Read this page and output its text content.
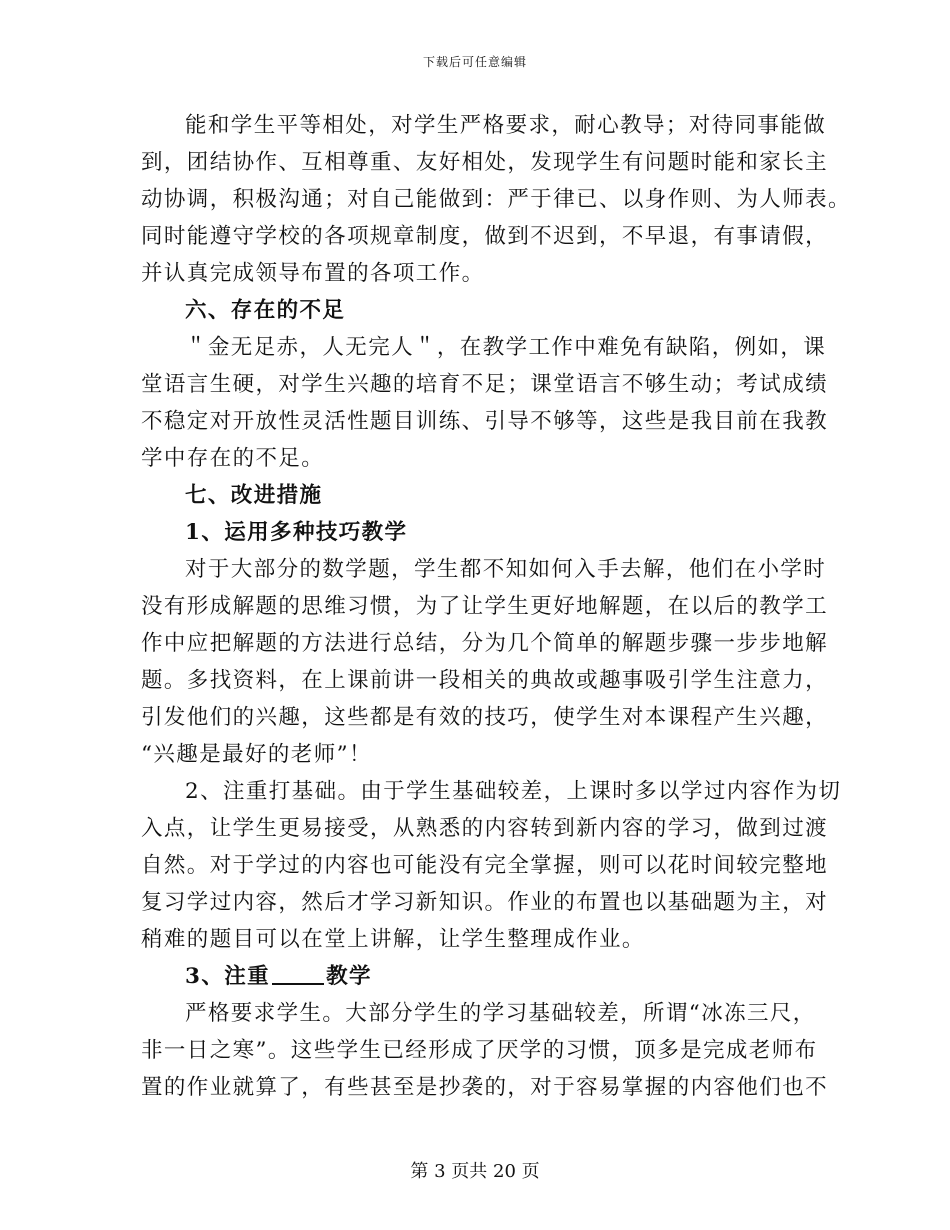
下载后可任意编辑
能和学生平等相处，对学生严格要求，耐心教导；对待同事能做
到，团结协作、互相尊重、友好相处，发现学生有问题时能和家长主
动协调，积极沟通；对自己能做到：严于律已、以身作则、为人师表。
同时能遵守学校的各项规章制度，做到不迟到，不早退，有事请假，
并认真完成领导布置的各项工作。
六、存在的不足
＂金无足赤，人无完人＂，在教学工作中难免有缺陷，例如，课
堂语言生硬，对学生兴趣的培育不足；课堂语言不够生动；考试成绩
不稳定对开放性灵活性题目训练、引导不够等，这些是我目前在我教
学中存在的不足。
七、改进措施
1、运用多种技巧教学
对于大部分的数学题，学生都不知如何入手去解，他们在小学时
没有形成解题的思维习惯，为了让学生更好地解题，在以后的教学工
作中应把解题的方法进行总结，分为几个简单的解题步骤一步步地解
题。多找资料，在上课前讲一段相关的典故或趣事吸引学生注意力，
引发他们的兴趣，这些都是有效的技巧，使学生对本课程产生兴趣，
“兴趣是最好的老师”！
2、注重打基础。由于学生基础较差，上课时多以学过内容作为切
入点，让学生更易接受，从熟悉的内容转到新内容的学习，做到过渡
自然。对于学过的内容也可能没有完全掌握，则可以花时间较完整地
复习学过内容，然后才学习新知识。作业的布置也以基础题为主，对
稍难的题目可以在堂上讲解，让学生整理成作业。
3、注重	教学
严格要求学生。大部分学生的学习基础较差，所谓“冰冻三尺，
非一日之寒”。这些学生已经形成了厌学的习惯，顶多是完成老师布
置的作业就算了，有些甚至是抄袭的，对于容易掌握的内容他们也不
第 3 页共 20 页
